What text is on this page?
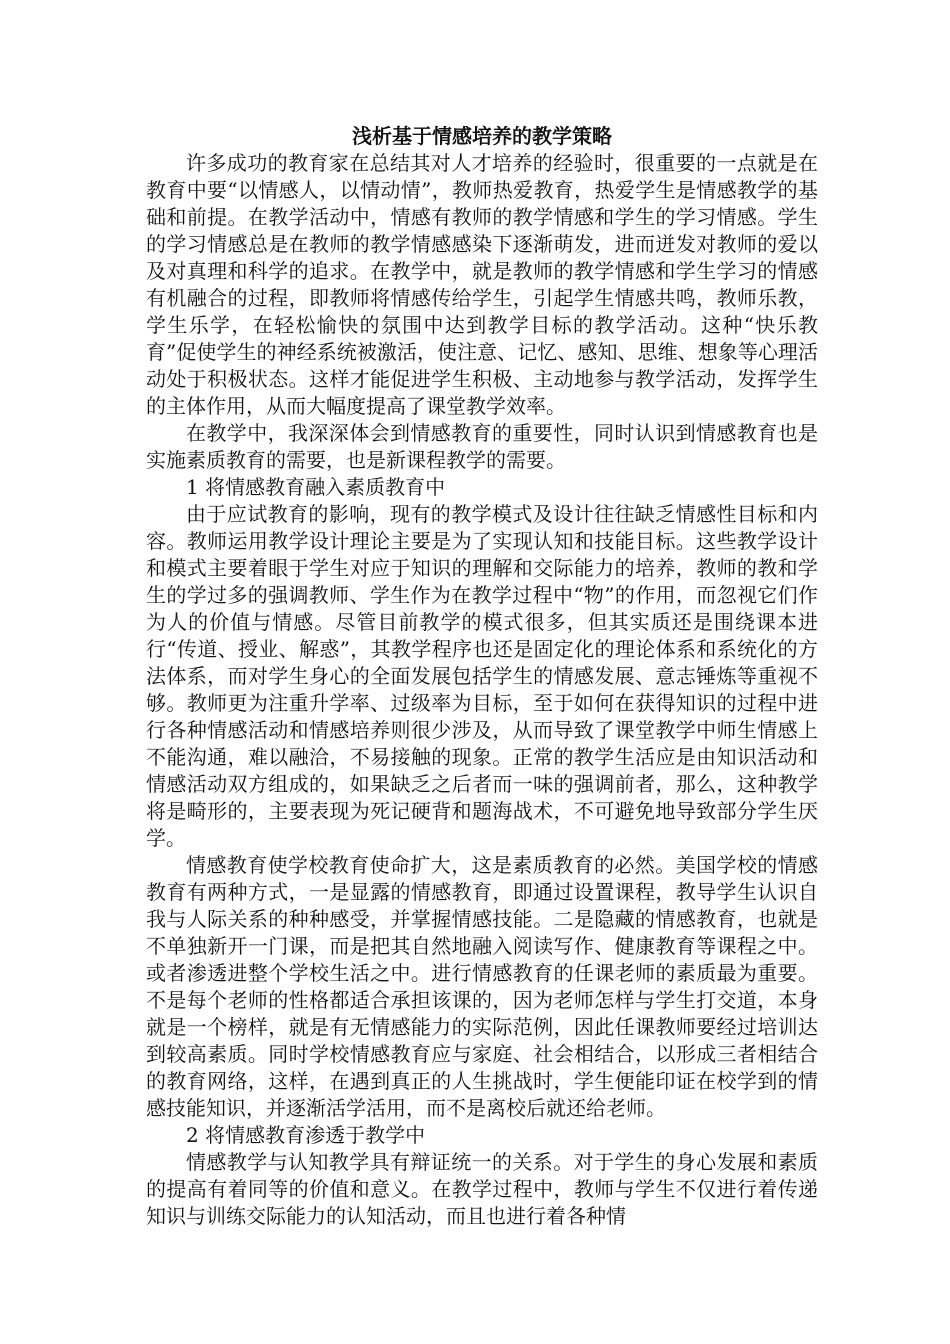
浅析基于情感培养的教学策略

许多成功的教育家在总结其对人才培养的经验时，很重要的一点就是在教育中要“以情感人，以情动情”，教师热爱教育，热爱学生是情感教学的基础和前提。在教学活动中，情感有教师的教学情感和学生的学习情感。学生的学习情感总是在教师的教学情感感染下逐渐萌发，进而迸发对教师的爱以及对真理和科学的追求。在教学中，就是教师的教学情感和学生学习的情感有机融合的过程，即教师将情感传给学生，引起学生情感共鸣，教师乐教，学生乐学，在轻松愉快的氛围中达到教学目标的教学活动。这种“快乐教育”促使学生的神经系统被激活，使注意、记忆、感知、思维、想象等心理活动处于积极状态。这样才能促进学生积极、主动地参与教学活动，发挥学生的主体作用，从而大幅度提高了课堂教学效率。

在教学中，我深深体会到情感教育的重要性，同时认识到情感教育也是实施素质教育的需要，也是新课程教学的需要。

1 将情感教育融入素质教育中

由于应试教育的影响，现有的教学模式及设计往往缺乏情感性目标和内容。教师运用教学设计理论主要是为了实现认知和技能目标。这些教学设计和模式主要着眼于学生对应于知识的理解和交际能力的培养，教师的教和学生的学过多的强调教师、学生作为在教学过程中“物”的作用，而忽视它们作为人的价值与情感。尽管目前教学的模式很多，但其实质还是围绕课本进行“传道、授业、解惑”，其教学程序也还是固定化的理论体系和系统化的方法体系，而对学生身心的全面发展包括学生的情感发展、意志锤炼等重视不够。教师更为注重升学率、过级率为目标，至于如何在获得知识的过程中进行各种情感活动和情感培养则很少涉及，从而导致了课堂教学中师生情感上不能沟通，难以融洽，不易接触的现象。正常的教学生活应是由知识活动和情感活动双方组成的，如果缺乏之后者而一味的强调前者，那么，这种教学将是畸形的，主要表现为死记硬背和题海战术，不可避免地导致部分学生厌学。

情感教育使学校教育使命扩大，这是素质教育的必然。美国学校的情感教育有两种方式，一是显露的情感教育，即通过设置课程，教导学生认识自我与人际关系的种种感受，并掌握情感技能。二是隐藏的情感教育，也就是不单独新开一门课，而是把其自然地融入阅读写作、健康教育等课程之中。或者渗透进整个学校生活之中。进行情感教育的任课老师的素质最为重要。不是每个老师的性格都适合承担该课的，因为老师怎样与学生打交道，本身就是一个榜样，就是有无情感能力的实际范例，因此任课教师要经过培训达到较高素质。同时学校情感教育应与家庭、社会相结合，以形成三者相结合的教育网络，这样，在遇到真正的人生挑战时，学生便能印证在校学到的情感技能知识，并逐渐活学活用，而不是离校后就还给老师。

2 将情感教育渗透于教学中

情感教学与认知教学具有辩证统一的关系。对于学生的身心发展和素质的提高有着同等的价值和意义。在教学过程中，教师与学生不仅进行着传递知识与训练交际能力的认知活动，而且也进行着各种情
